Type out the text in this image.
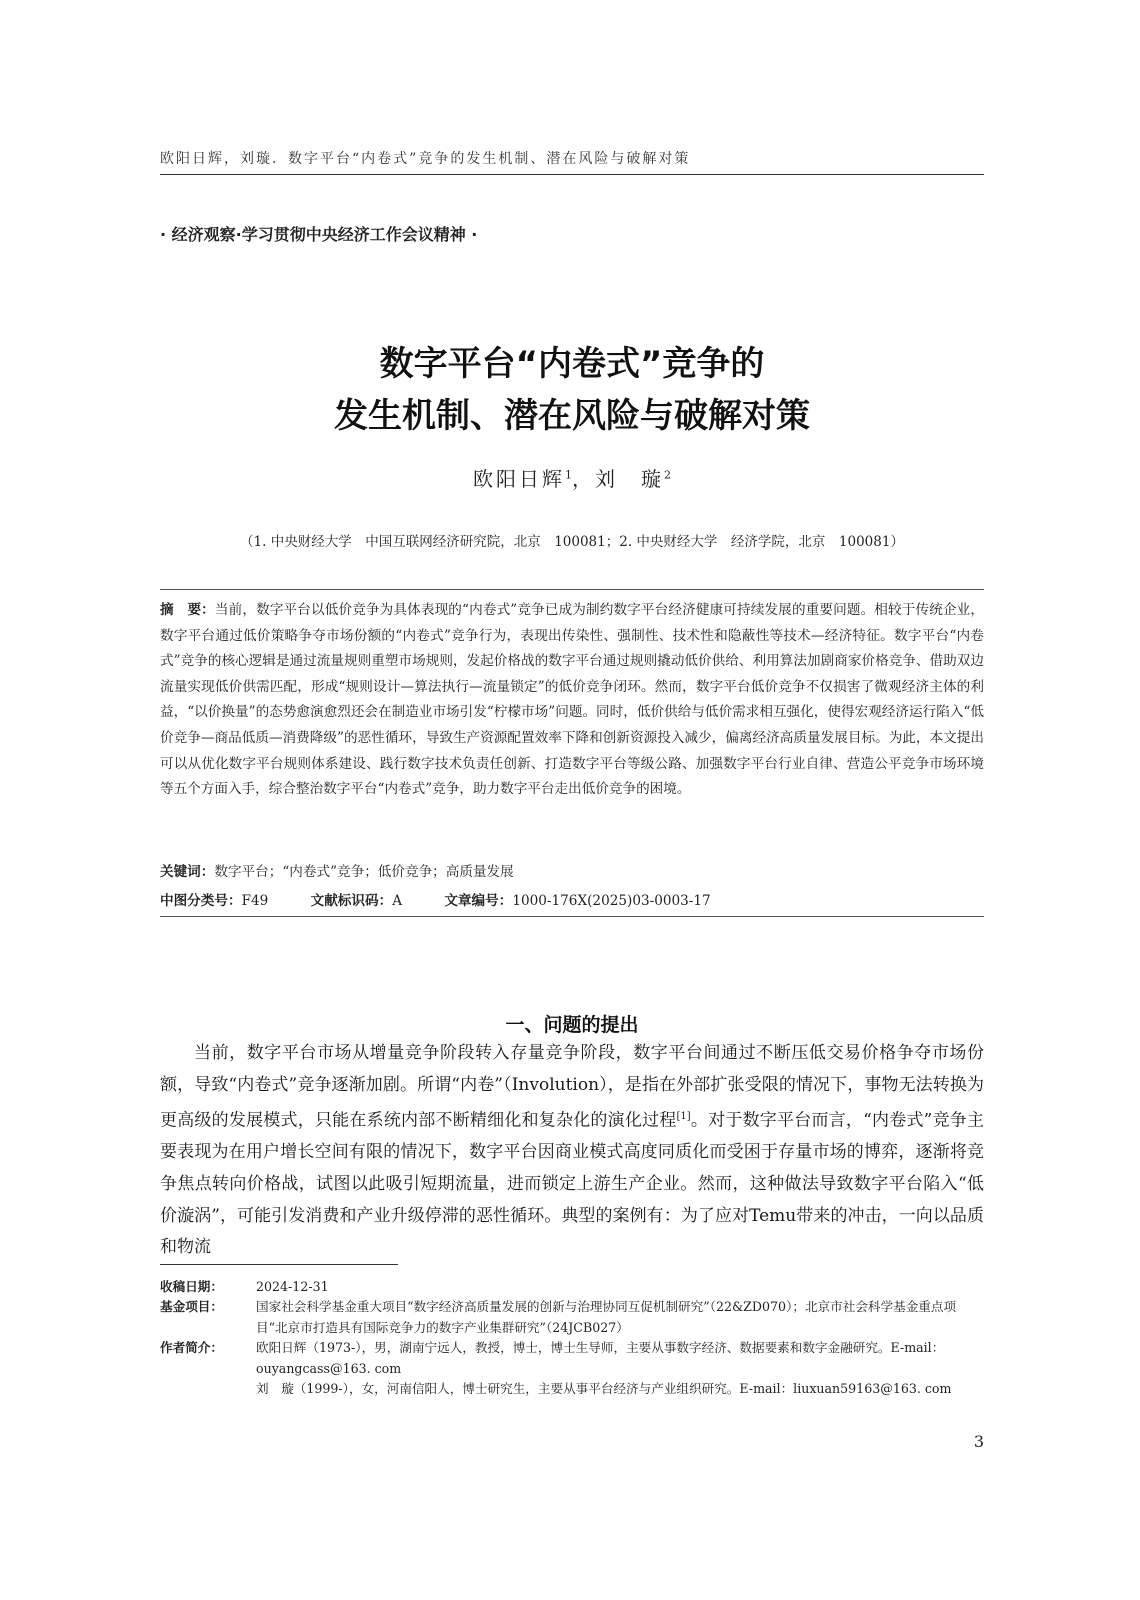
欧阳日辉，刘璇．数字平台“内卷式”竞争的发生机制、潜在风险与破解对策
· 经济观察·学习贯彻中央经济工作会议精神 ·
数字平台“内卷式”竞争的
发生机制、潜在风险与破解对策
欧阳日辉$^1$，刘　璇$^2$
（1. 中央财经大学　中国互联网经济研究院，北京　100081；2. 中央财经大学　经济学院，北京　100081）
摘　要：当前，数字平台以低价竞争为具体表现的“内卷式”竞争已成为制约数字平台经济健康可持续发展的重要问题。相较于传统企业，数字平台通过低价策略争夺市场份额的“内卷式”竞争行为，表现出传染性、强制性、技术性和隐蔽性等技术—经济特征。数字平台“内卷式”竞争的核心逻辑是通过流量规则重塑市场规则，发起价格战的数字平台通过规则撬动低价供给、利用算法加剧商家价格竞争、借助双边流量实现低价供需匹配，形成“规则设计—算法执行—流量锁定”的低价竞争闭环。然而，数字平台低价竞争不仅损害了微观经济主体的利益，“以价换量”的态势愈演愈烈还会在制造业市场引发“柠檬市场”问题。同时，低价供给与低价需求相互强化，使得宏观经济运行陷入“低价竞争—商品低质—消费降级”的恶性循环，导致生产资源配置效率下降和创新资源投入减少，偏离经济高质量发展目标。为此，本文提出可以从优化数字平台规则体系建设、践行数字技术负责任创新、打造数字平台等级公路、加强数字平台行业自律、营造公平竞争市场环境等五个方面入手，综合整治数字平台“内卷式”竞争，助力数字平台走出低价竞争的困境。
关键词：数字平台；“内卷式”竞争；低价竞争；高质量发展
中图分类号：F49	文献标识码：A	文章编号：1000-176X(2025)03-0003-17
一、问题的提出
当前，数字平台市场从增量竞争阶段转入存量竞争阶段，数字平台间通过不断压低交易价格争夺市场份额，导致“内卷式”竞争逐渐加剧。所谓“内卷”（Involution），是指在外部扩张受限的情况下，事物无法转换为更高级的发展模式，只能在系统内部不断精细化和复杂化的演化过程[1]。对于数字平台而言，“内卷式”竞争主要表现为在用户增长空间有限的情况下，数字平台因商业模式高度同质化而受困于存量市场的博弈，逐渐将竞争焦点转向价格战，试图以此吸引短期流量，进而锁定上游生产企业。然而，这种做法导致数字平台陷入“低价漩涡”，可能引发消费和产业升级停滞的恶性循环。典型的案例有：为了应对Temu带来的冲击，一向以品质和物流
收稿日期：	2024-12-31
基金项目：	国家社会科学基金重大项目“数字经济高质量发展的创新与治理协同互促机制研究”（22&ZD070）；北京市社会科学基金重点项目“北京市打造具有国际竞争力的数字产业集群研究”（24JCB027）
作者简介：	欧阳日辉（1973-），男，湖南宁远人，教授，博士，博士生导师，主要从事数字经济、数据要素和数字金融研究。E-mail：ouyangcass@163. com
刘　璇（1999-），女，河南信阳人，博士研究生，主要从事平台经济与产业组织研究。E-mail：liuxuan59163@163. com
3
